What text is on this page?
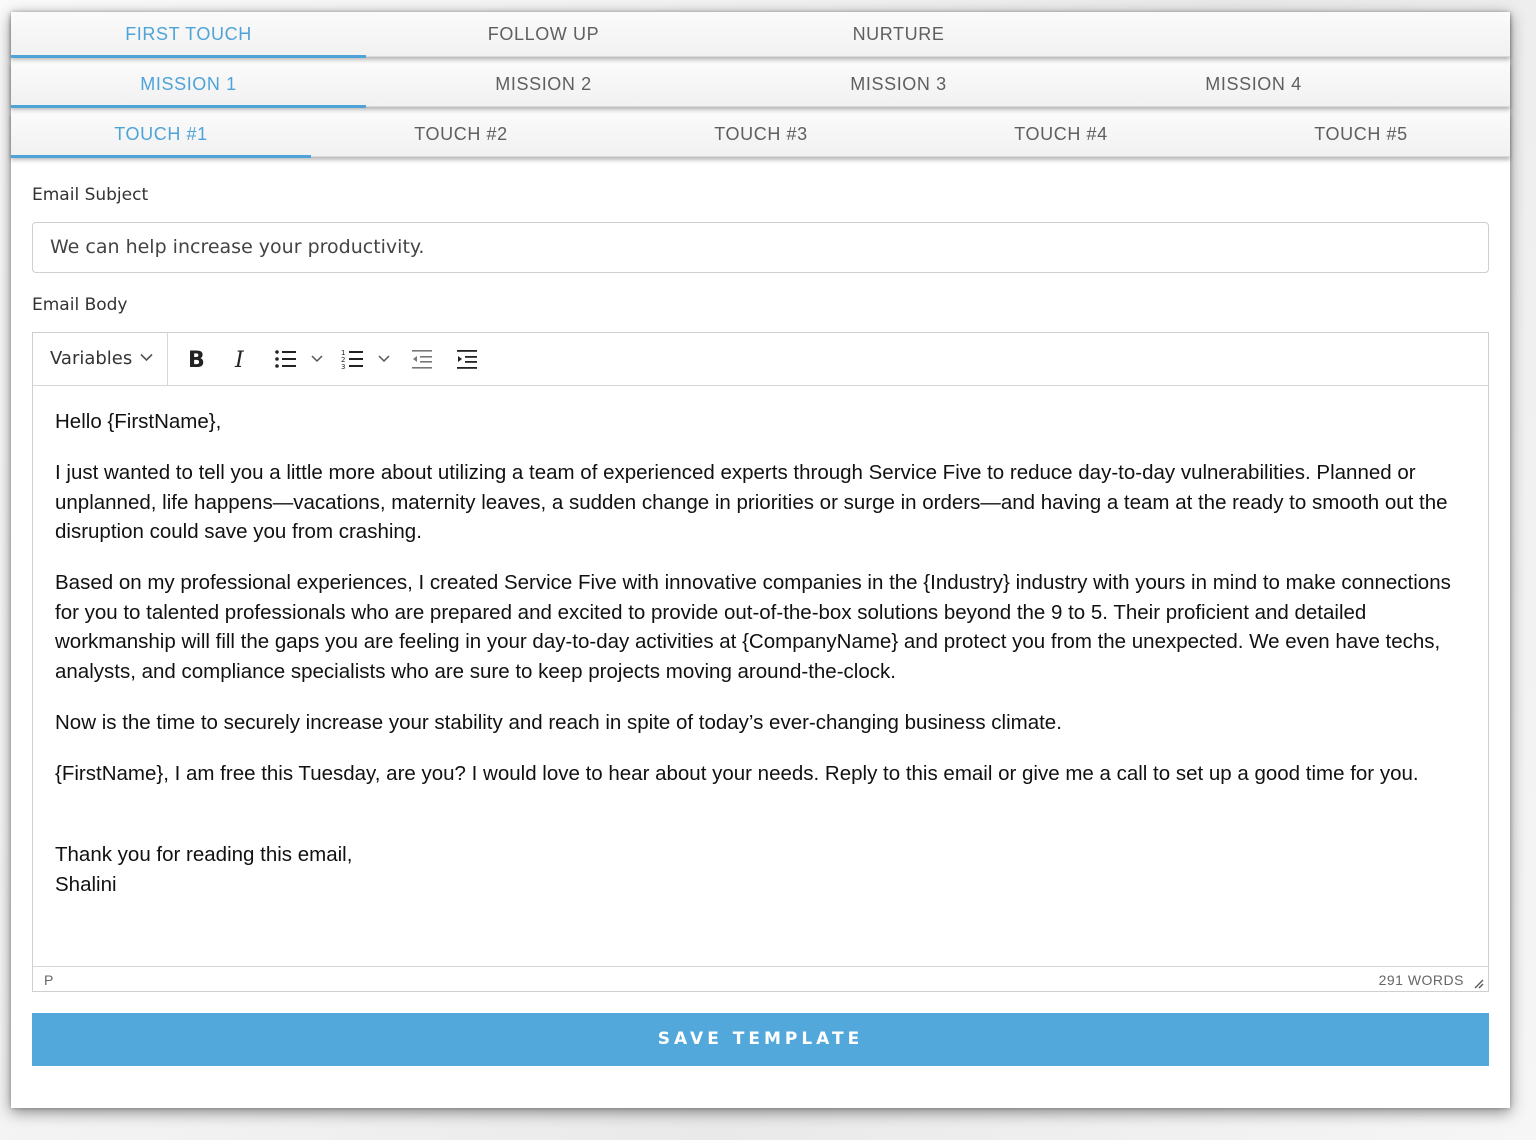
FIRST TOUCH	FOLLOW UP	NURTURE
MISSION 1	MISSION 2	MISSION 3	MISSION 4
TOUCH #1	TOUCH #2	TOUCH #3	TOUCH #4	TOUCH #5
Email Subject
We can help increase your productivity.
Email Body
Variables	B I	1
2
3

Hello {FirstName},

I just wanted to tell you a little more about utilizing a team of experienced experts through Service Five to reduce day-to-day vulnerabilities. Planned or unplanned, life happens—vacations, maternity leaves, a sudden change in priorities or surge in orders—and having a team at the ready to smooth out the disruption could save you from crashing.

Based on my professional experiences, I created Service Five with innovative companies in the {Industry} industry with yours in mind to make connections for you to talented professionals who are prepared and excited to provide out-of-the-box solutions beyond the 9 to 5. Their proficient and detailed workmanship will fill the gaps you are feeling in your day-to-day activities at {CompanyName} and protect you from the unexpected. We even have techs, analysts, and compliance specialists who are sure to keep projects moving around-the-clock.

Now is the time to securely increase your stability and reach in spite of today’s ever-changing business climate.

{FirstName}, I am free this Tuesday, are you? I would love to hear about your needs. Reply to this email or give me a call to set up a good time for you.

Thank you for reading this email,
Shalini
P	291 WORDS
SAVE TEMPLATE
